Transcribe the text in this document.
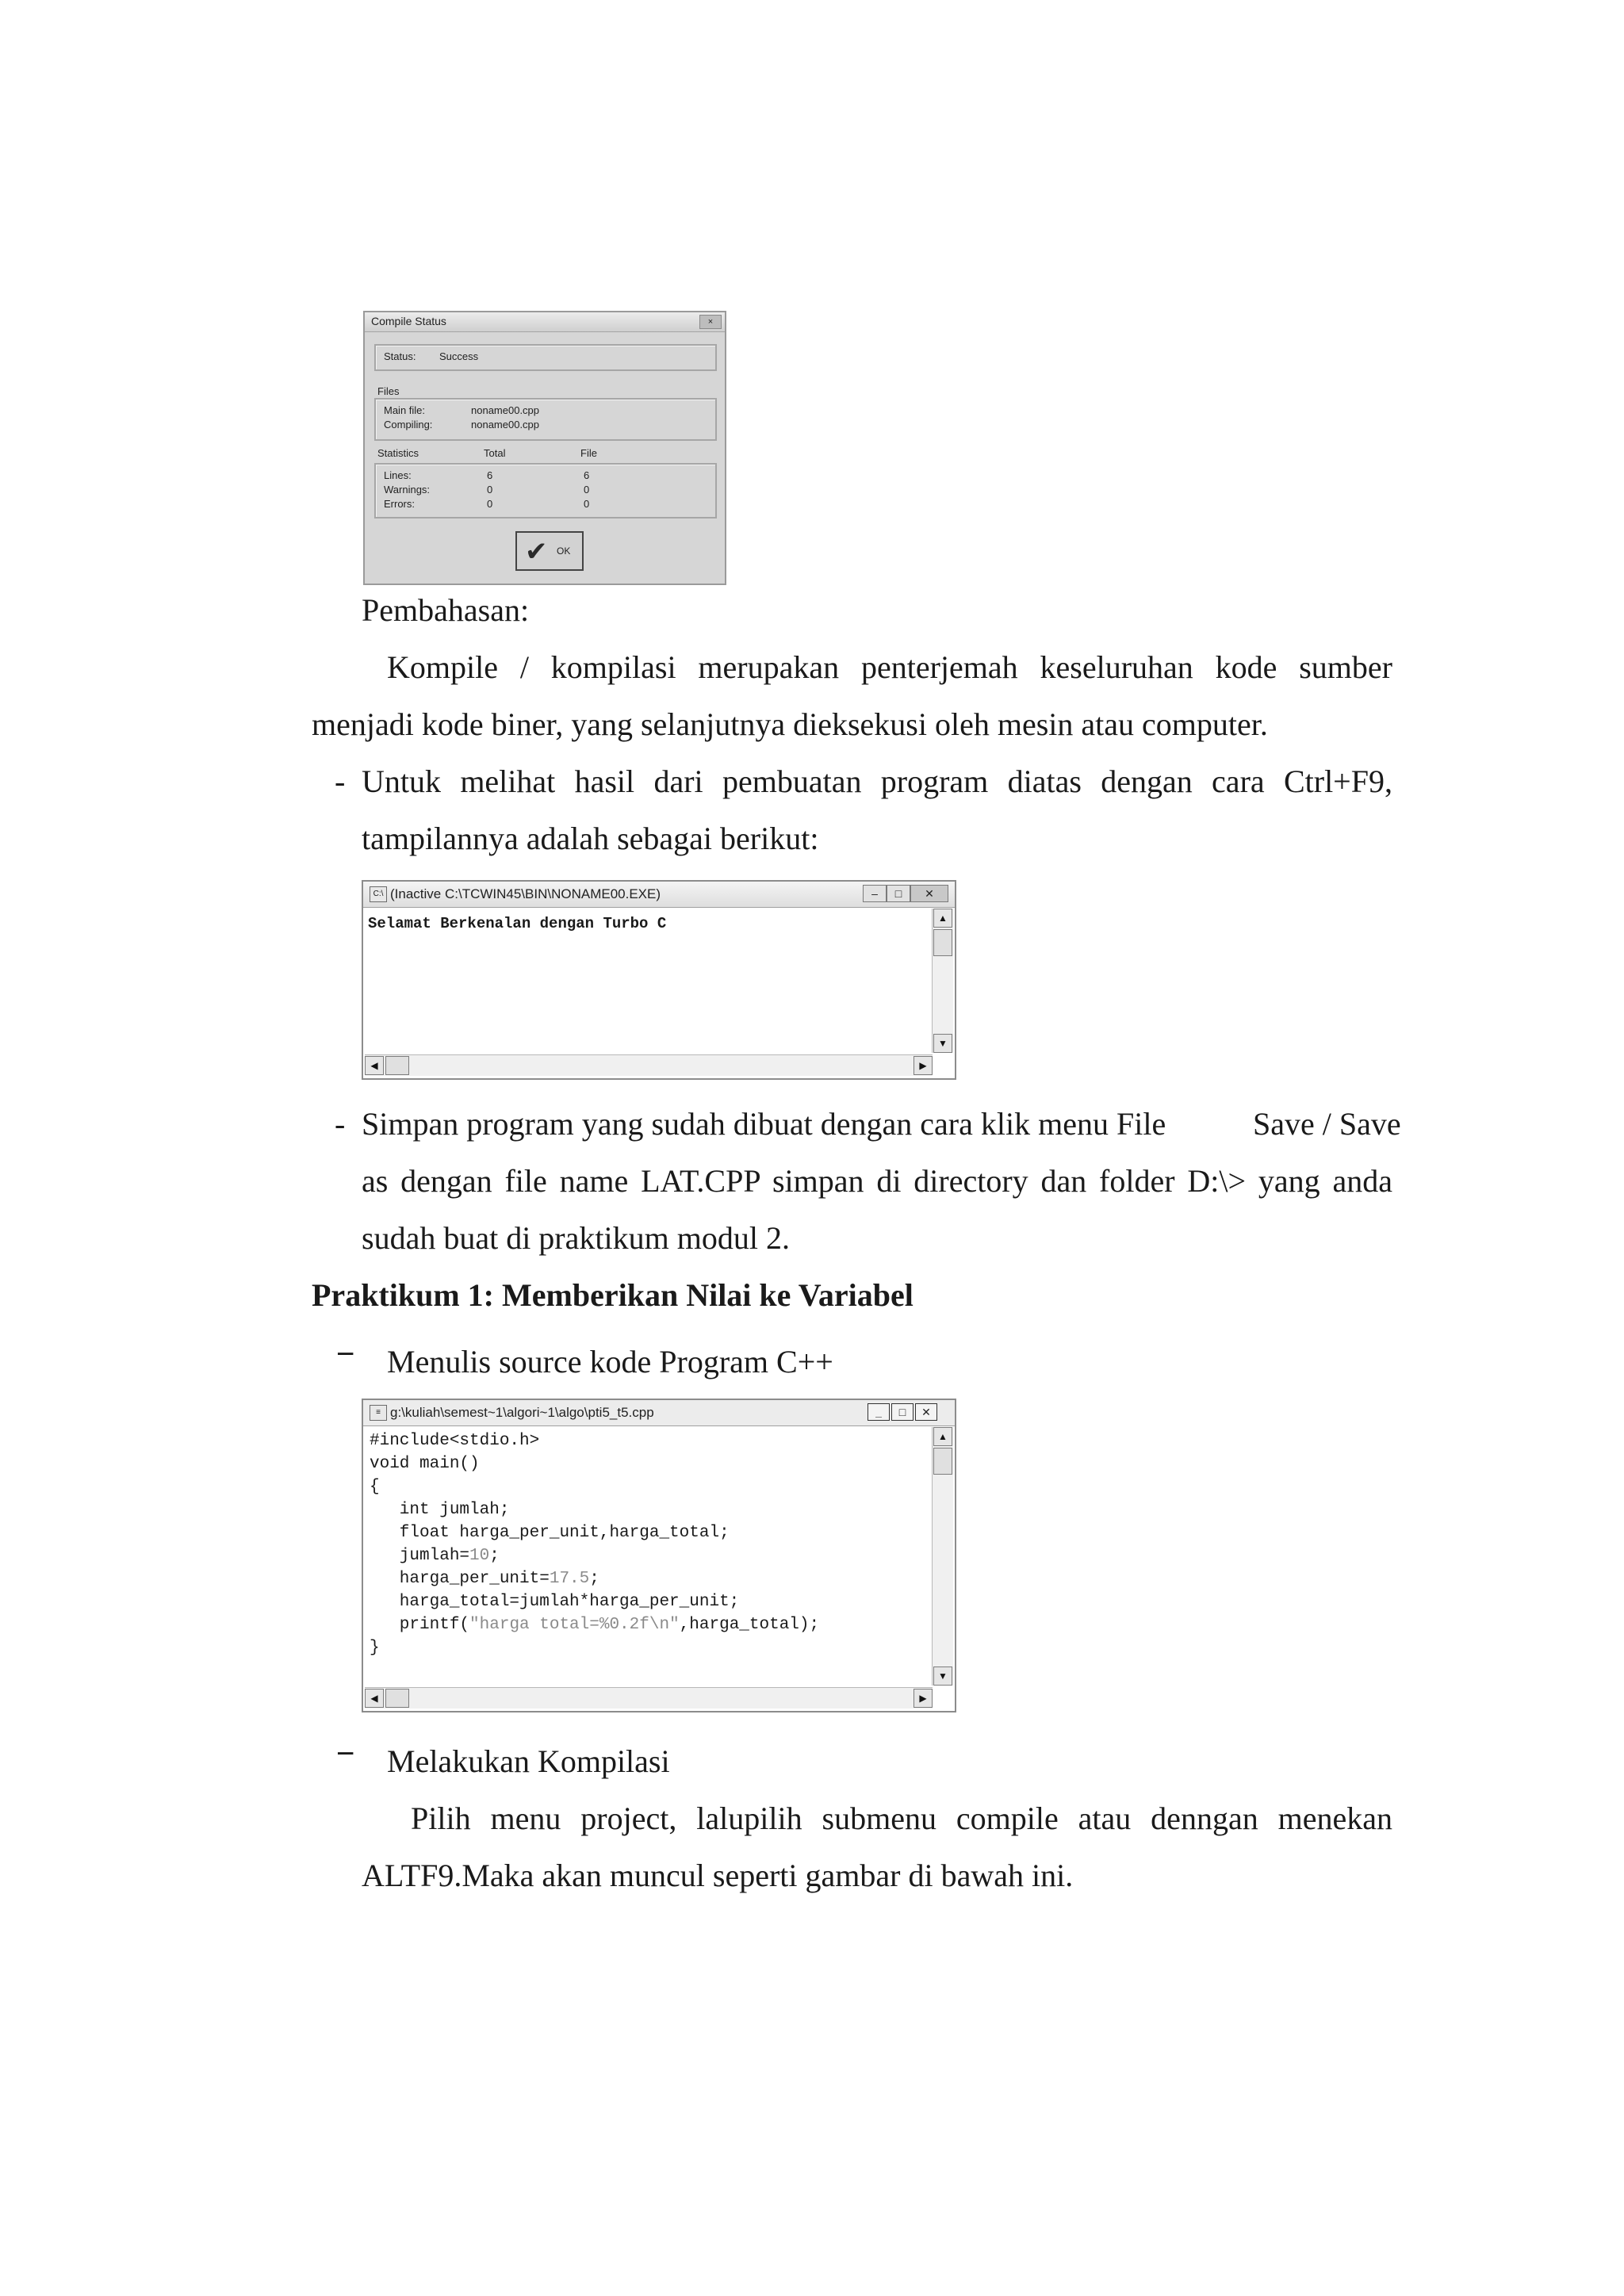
Compile Status	×
Status: Success
Files
Main file:	noname00.cpp
Compiling:	noname00.cpp
Statistics	Total	File
Lines:	6	6
Warnings:	0	0
Errors:	0	0
✔ OK
Pembahasan:
Kompile / kompilasi merupakan penterjemah keseluruhan kode sumber
menjadi kode biner, yang selanjutnya dieksekusi oleh mesin atau computer.
- Untuk melihat hasil dari pembuatan program diatas dengan cara Ctrl+F9,
tampilannya adalah sebagai berikut:
C:\ (Inactive C:\TCWIN45\BIN\NONAME00.EXE)	–	□	✕
Selamat Berkenalan dengan Turbo C	▲
▼
◀	▶
- Simpan program yang sudah dibuat dengan cara klik menu File	Save / Save
as dengan file name LAT.CPP simpan di directory dan folder D:\> yang anda
sudah buat di praktikum modul 2.
Praktikum 1: Memberikan Nilai ke Variabel
− Menulis source kode Program C++
≡ g:\kuliah\semest~1\algori~1\algo\pti5_t5.cpp	_	□	✕
#include<stdio.h>
void main()
{
int jumlah;
float harga_per_unit,harga_total;
jumlah=10;
harga_per_unit=17.5;
harga_total=jumlah*harga_per_unit;
printf("harga total=%0.2f\n",harga_total);
}
▲
▼
◀	▶
− Melakukan Kompilasi
Pilih menu project, lalupilih submenu compile atau denngan menekan
ALTF9.Maka akan muncul seperti gambar di bawah ini.
